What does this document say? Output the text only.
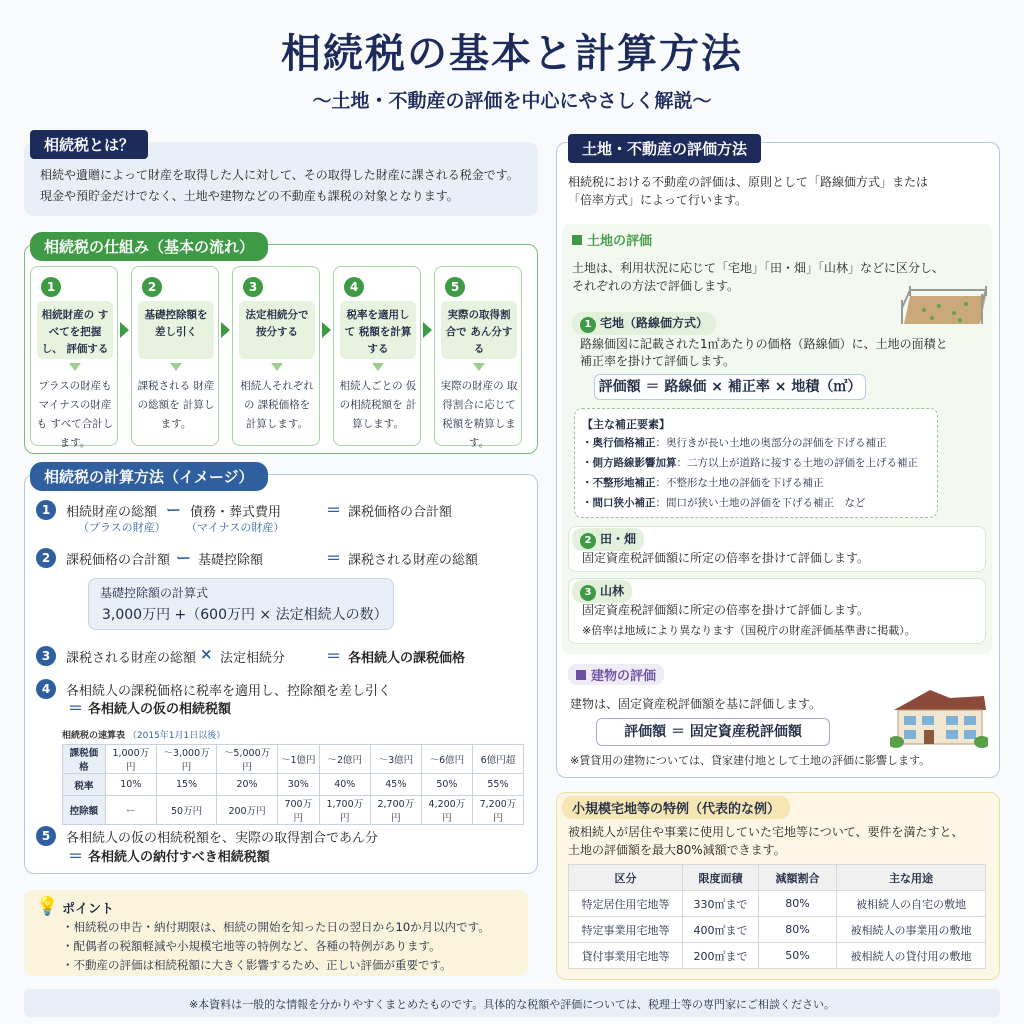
相続税の基本と計算方法
〜土地・不動産の評価を中心にやさしく解説〜
相続税とは？
相続や遺贈によって財産を取得した人に対して、その取得した財産に課される税金です。
現金や預貯金だけでなく、土地や建物などの不動産も課税の対象となります。
相続税の仕組み（基本の流れ）
1
相続財産の すべてを把握し、 評価する
プラスの財産も マイナスの財産も すべて合計します。
2
基礎控除額を 差し引く
課税される 財産の総額を 計算します。
3
法定相続分で 按分する
相続人それぞれの 課税価格を 計算します。
4
税率を適用して 税額を計算する
相続人ごとの 仮の相続税額を 計算します。
5
実際の取得割合で あん分する
実際の財産の 取得割合に応じて 税額を精算します。
相続税の計算方法（イメージ）
1	相続財産の総額
（プラスの財産）
ー 債務・葬式費用
（マイナスの財産）
＝ 課税価格の合計額
2	課税価格の合計額 ー 基礎控除額	＝ 課税される財産の総額
基礎控除額の計算式
3,000万円 +（600万円 × 法定相続人の数）
3	課税される財産の総額 × 法定相続分	＝ 各相続人の課税価格
4	各相続人の課税価格に税率を適用し、控除額を差し引く
＝ 各相続人の仮の相続税額
相続税の速算表 （2015年1月1日以後）
課税価格	1,000万円	〜3,000万円	〜5,000万円	〜1億円	〜2億円	〜3億円	〜6億円	6億円超
税率	10%	15%	20%	30%	40%	45%	50%	55%
控除額	ー	50万円	200万円	700万円	1,700万円	2,700万円	4,200万円	7,200万円
5	各相続人の仮の相続税額を、実際の取得割合であん分
＝ 各相続人の納付すべき相続税額
💡 ポイント
・相続税の申告・納付期限は、相続の開始を知った日の翌日から10か月以内です。
・配偶者の税額軽減や小規模宅地等の特例など、各種の特例があります。
・不動産の評価は相続税額に大きく影響するため、正しい評価が重要です。
土地・不動産の評価方法
相続税における不動産の評価は、原則として「路線価方式」または
「倍率方式」によって行います。
土地の評価
土地は、利用状況に応じて「宅地」「田・畑」「山林」などに区分し、
それぞれの方法で評価します。
1 宅地（路線価方式）
路線価図に記載された1㎡あたりの価格（路線価）に、土地の面積と
補正率を掛けて評価します。
評価額 ＝ 路線価 × 補正率 × 地積（㎡）
【主な補正要素】
・奥行価格補正：奥行きが長い土地の奥部分の評価を下げる補正
・側方路線影響加算：二方以上が道路に接する土地の評価を上げる補正
・不整形地補正：不整形な土地の評価を下げる補正
・間口狭小補正：間口が狭い土地の評価を下げる補正　など
2 田・畑
固定資産税評価額に所定の倍率を掛けて評価します。
3 山林
固定資産税評価額に所定の倍率を掛けて評価します。
※倍率は地域により異なります（国税庁の財産評価基準書に掲載）。
建物の評価
建物は、固定資産税評価額を基に評価します。
評価額 ＝ 固定資産税評価額
※賃貸用の建物については、貸家建付地として土地の評価に影響します。
小規模宅地等の特例（代表的な例）
被相続人が居住や事業に使用していた宅地等について、要件を満たすと、
土地の評価額を最大80%減額できます。
区分	限度面積	減額割合	主な用途
特定居住用宅地等	330㎡まで	80%	被相続人の自宅の敷地
特定事業用宅地等	400㎡まで	80%	被相続人の事業用の敷地
貸付事業用宅地等	200㎡まで	50%	被相続人の貸付用の敷地
※本資料は一般的な情報を分かりやすくまとめたものです。具体的な税額や評価については、税理士等の専門家にご相談ください。
